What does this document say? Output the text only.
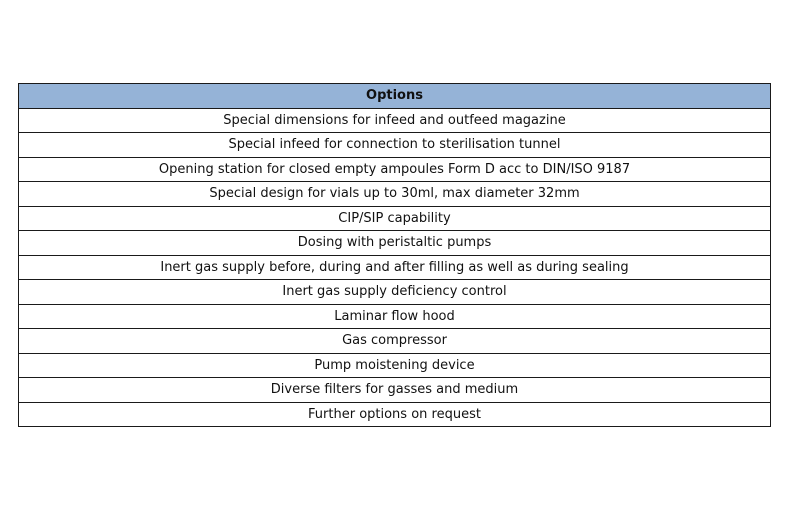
Options
Special dimensions for infeed and outfeed magazine
Special infeed for connection to sterilisation tunnel
Opening station for closed empty ampoules Form D acc to DIN/ISO 9187
Special design for vials up to 30ml, max diameter 32mm
CIP/SIP capability
Dosing with peristaltic pumps
Inert gas supply before, during and after filling as well as during sealing
Inert gas supply deficiency control
Laminar flow hood
Gas compressor
Pump moistening device
Diverse filters for gasses and medium
Further options on request
